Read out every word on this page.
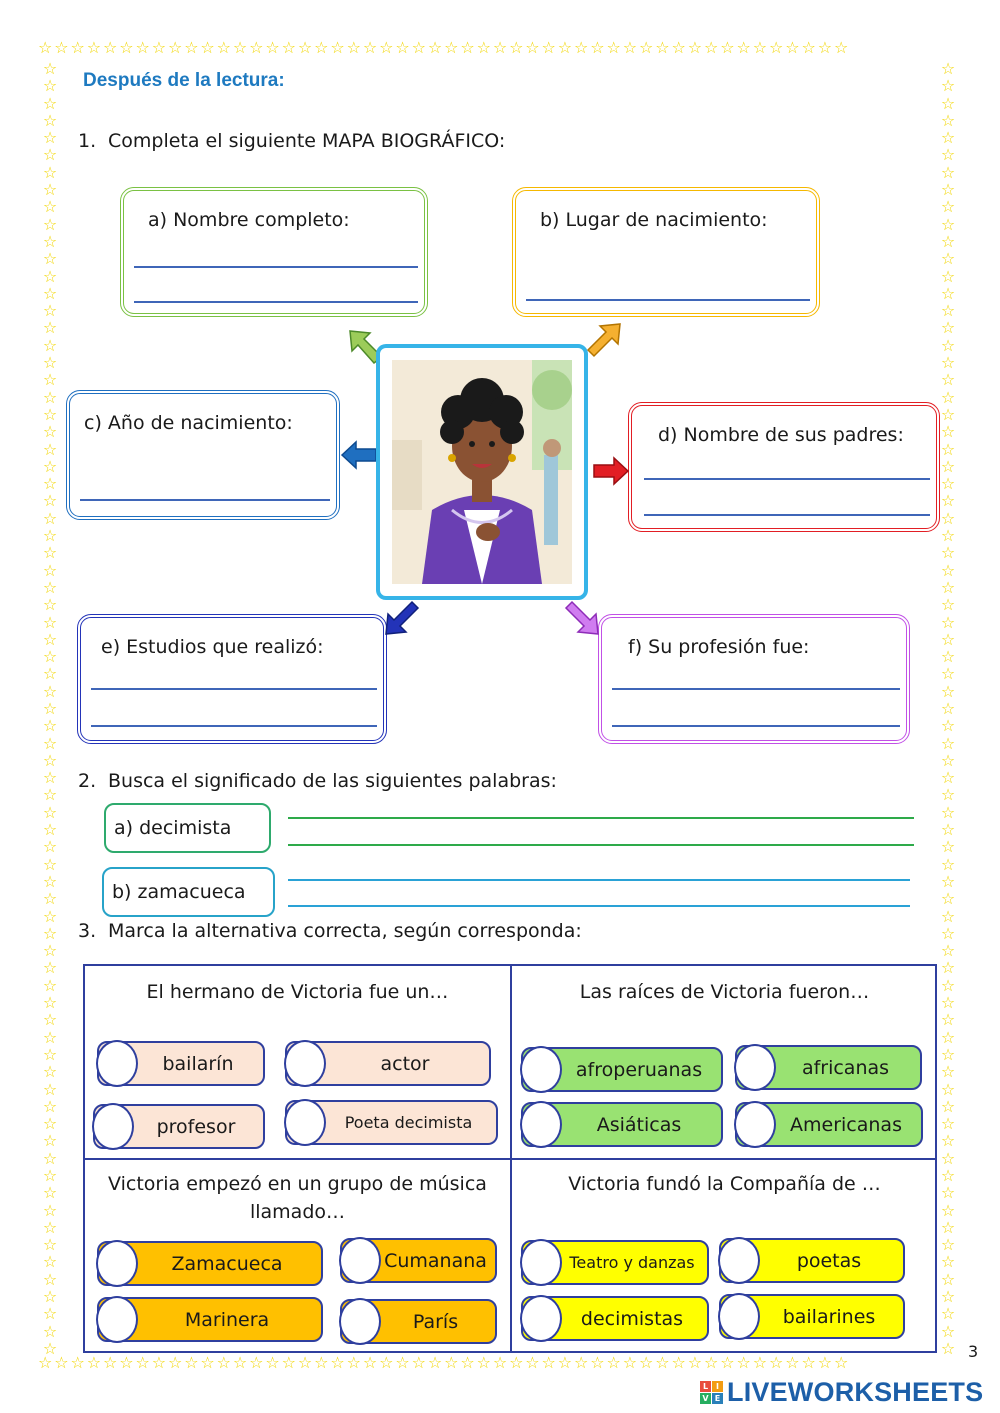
☆☆☆☆☆☆☆☆☆☆☆☆☆☆☆☆☆☆☆☆☆☆☆☆☆☆☆☆☆☆☆☆☆☆☆☆☆☆☆☆☆☆☆☆☆☆☆☆☆☆
☆☆☆☆☆☆☆☆☆☆☆☆☆☆☆☆☆☆☆☆☆☆☆☆☆☆☆☆☆☆☆☆☆☆☆☆☆☆☆☆☆☆☆☆☆☆☆☆☆☆
☆☆☆☆☆☆☆☆☆☆☆☆☆☆☆☆☆☆☆☆☆☆☆☆☆☆☆☆☆☆☆☆☆☆☆☆☆☆☆☆☆☆☆☆☆☆☆☆☆☆☆☆☆☆☆☆☆☆☆☆☆☆☆☆☆☆☆☆☆☆☆☆☆☆☆
☆☆☆☆☆☆☆☆☆☆☆☆☆☆☆☆☆☆☆☆☆☆☆☆☆☆☆☆☆☆☆☆☆☆☆☆☆☆☆☆☆☆☆☆☆☆☆☆☆☆☆☆☆☆☆☆☆☆☆☆☆☆☆☆☆☆☆☆☆☆☆☆☆☆☆
Después de la lectura:
1. Completa el siguiente MAPA BIOGRÁFICO:
a) Nombre completo:	b) Lugar de nacimiento:
c) Año de nacimiento:
d) Nombre de sus padres:
e) Estudios que realizó:	f) Su profesión fue:
2. Busca el significado de las siguientes palabras:
a) decimista
b) zamacueca
3. Marca la alternativa correcta, según corresponda:
El hermano de Victoria fue un…
bailarín	actor
profesor	Poeta decimista
Las raíces de Victoria fueron…
afroperuanas	africanas
Asiáticas	Americanas
Victoria empezó en un grupo de música llamado…
Zamacueca	Cumanana
Marinera	París
Victoria fundó la Compañía de …
Teatro y danzas	poetas
decimistas	bailarines
3
L I
V E LIVEWORKSHEETS
